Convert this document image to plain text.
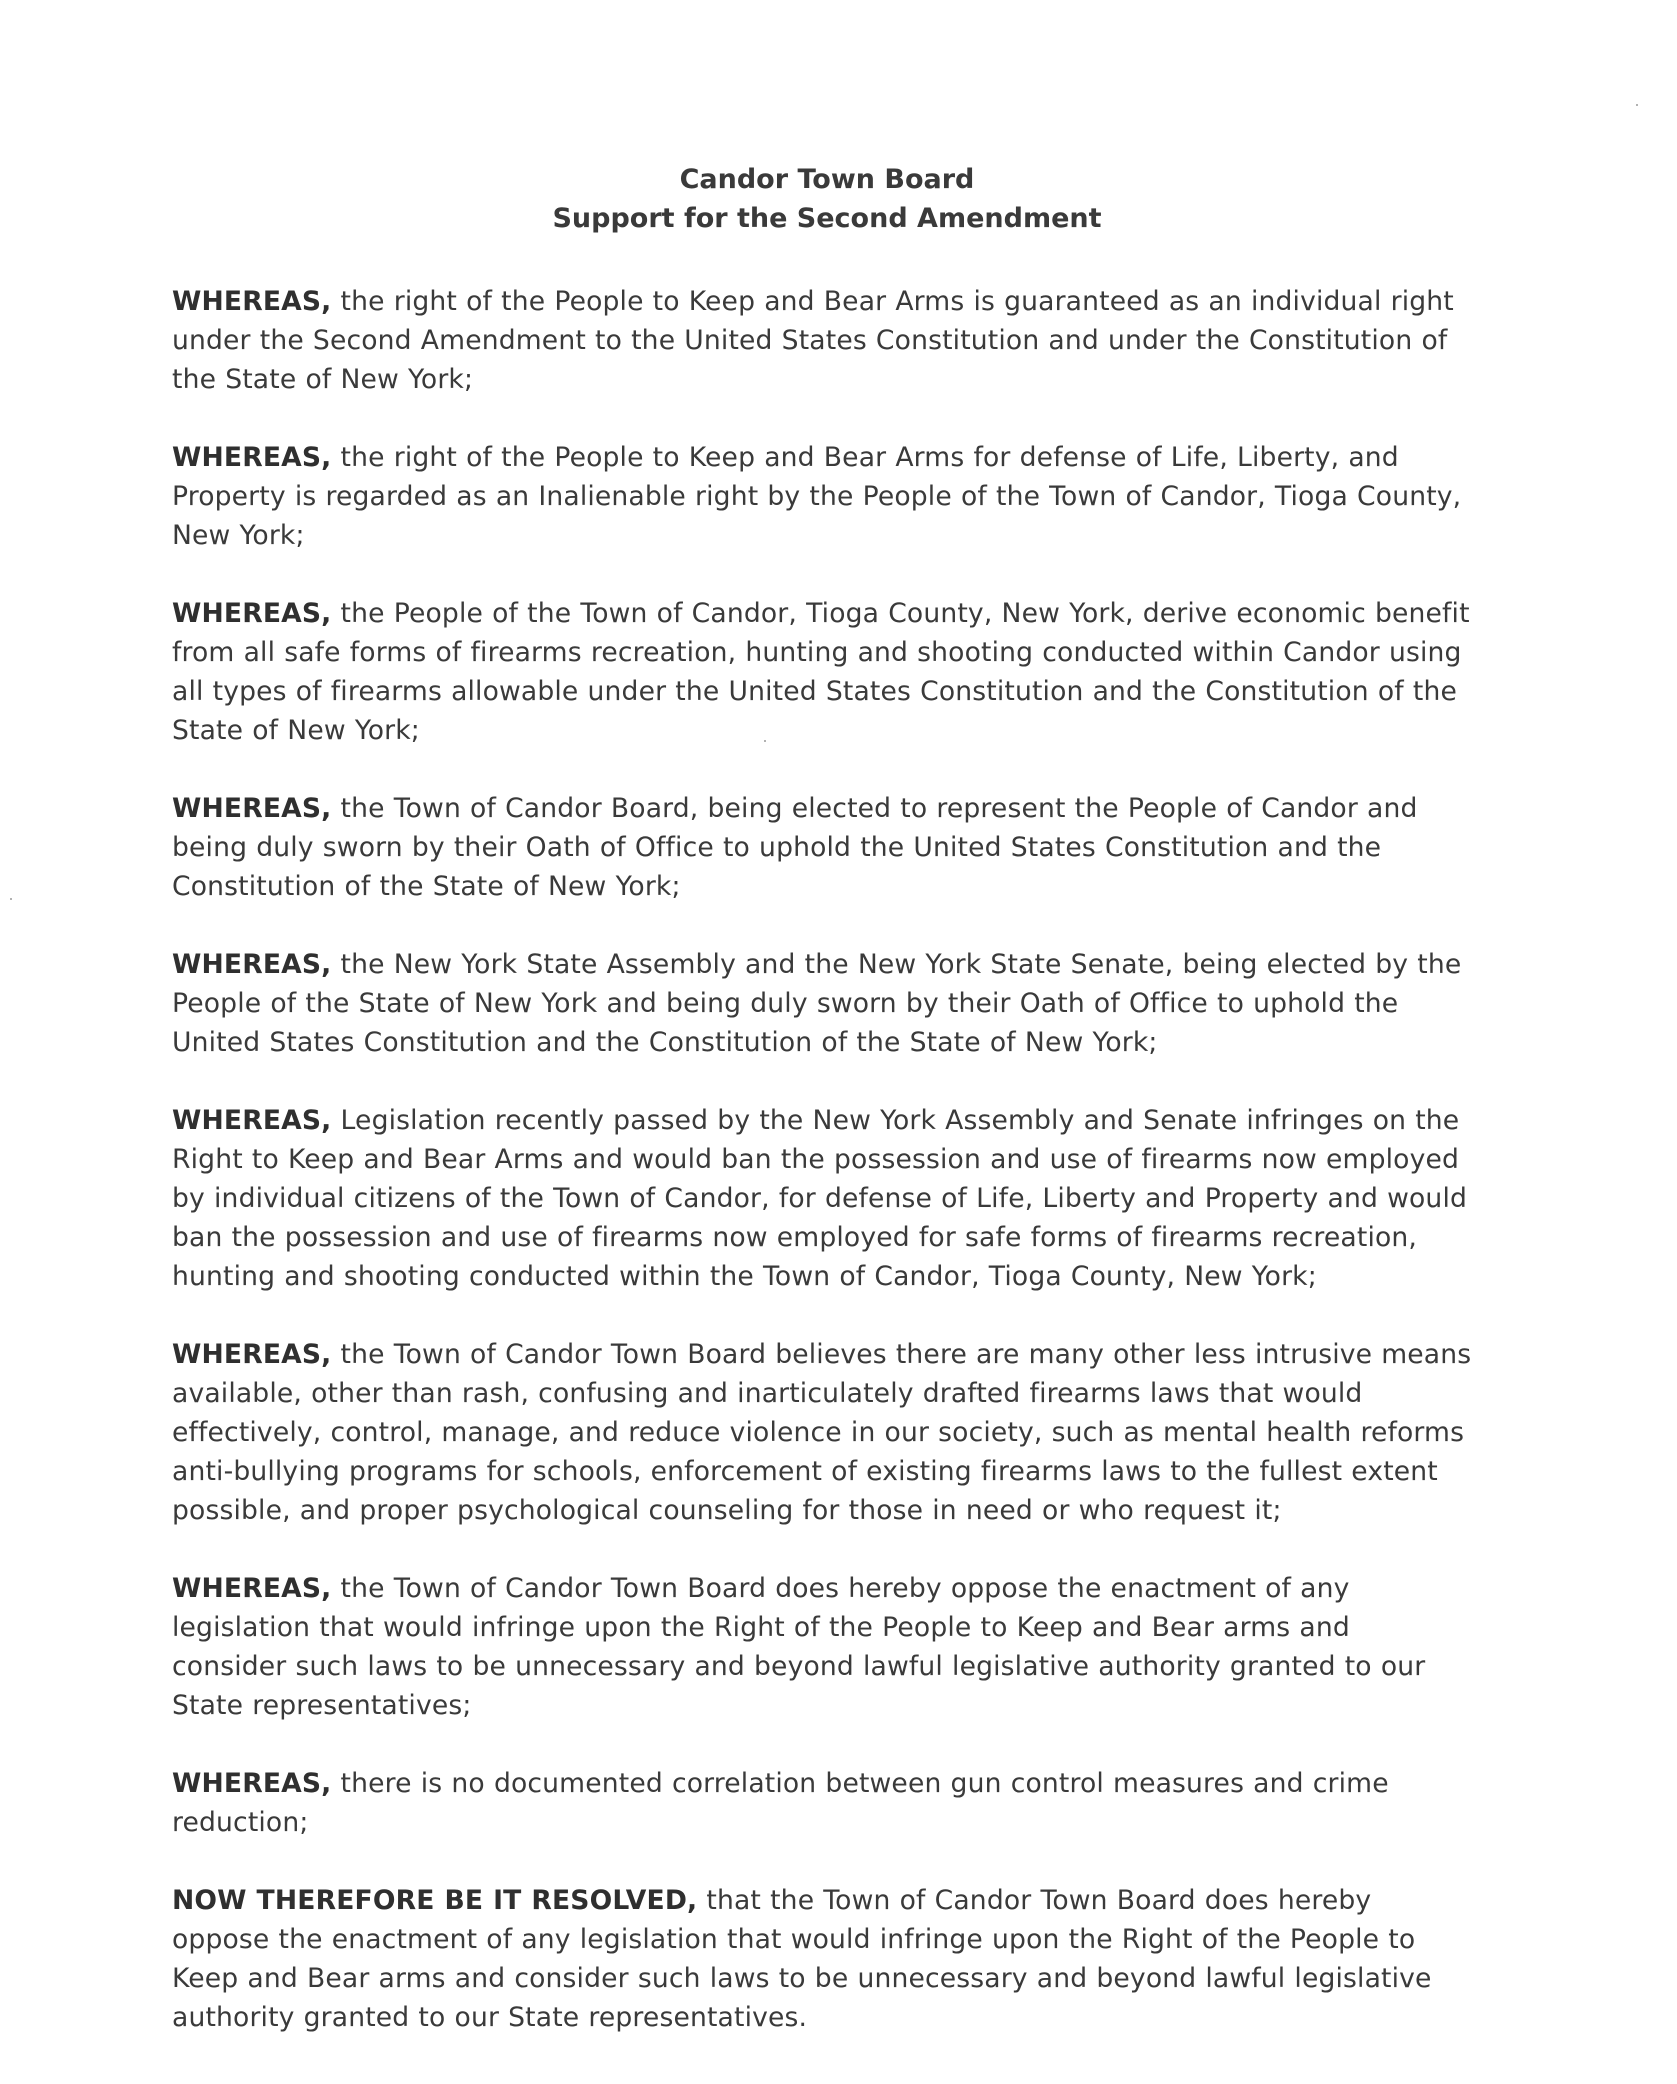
Candor Town Board
Support for the Second Amendment

WHEREAS, the right of the People to Keep and Bear Arms is guaranteed as an individual right under the Second Amendment to the United States Constitution and under the Constitution of the State of New York;

WHEREAS, the right of the People to Keep and Bear Arms for defense of Life, Liberty, and Property is regarded as an Inalienable right by the People of the Town of Candor, Tioga County, New York;

WHEREAS, the People of the Town of Candor, Tioga County, New York, derive economic benefit from all safe forms of firearms recreation, hunting and shooting conducted within Candor using all types of firearms allowable under the United States Constitution and the Constitution of the State of New York;

WHEREAS, the Town of Candor Board, being elected to represent the People of Candor and being duly sworn by their Oath of Office to uphold the United States Constitution and the Constitution of the State of New York;

WHEREAS, the New York State Assembly and the New York State Senate, being elected by the People of the State of New York and being duly sworn by their Oath of Office to uphold the United States Constitution and the Constitution of the State of New York;

WHEREAS, Legislation recently passed by the New York Assembly and Senate infringes on the Right to Keep and Bear Arms and would ban the possession and use of firearms now employed by individual citizens of the Town of Candor, for defense of Life, Liberty and Property and would ban the possession and use of firearms now employed for safe forms of firearms recreation, hunting and shooting conducted within the Town of Candor, Tioga County, New York;

WHEREAS, the Town of Candor Town Board believes there are many other less intrusive means available, other than rash, confusing and inarticulately drafted firearms laws that would effectively, control, manage, and reduce violence in our society, such as mental health reforms anti-bullying programs for schools, enforcement of existing firearms laws to the fullest extent possible, and proper psychological counseling for those in need or who request it;

WHEREAS, the Town of Candor Town Board does hereby oppose the enactment of any legislation that would infringe upon the Right of the People to Keep and Bear arms and consider such laws to be unnecessary and beyond lawful legislative authority granted to our State representatives;

WHEREAS, there is no documented correlation between gun control measures and crime reduction;

NOW THEREFORE BE IT RESOLVED, that the Town of Candor Town Board does hereby oppose the enactment of any legislation that would infringe upon the Right of the People to Keep and Bear arms and consider such laws to be unnecessary and beyond lawful legislative authority granted to our State representatives.
